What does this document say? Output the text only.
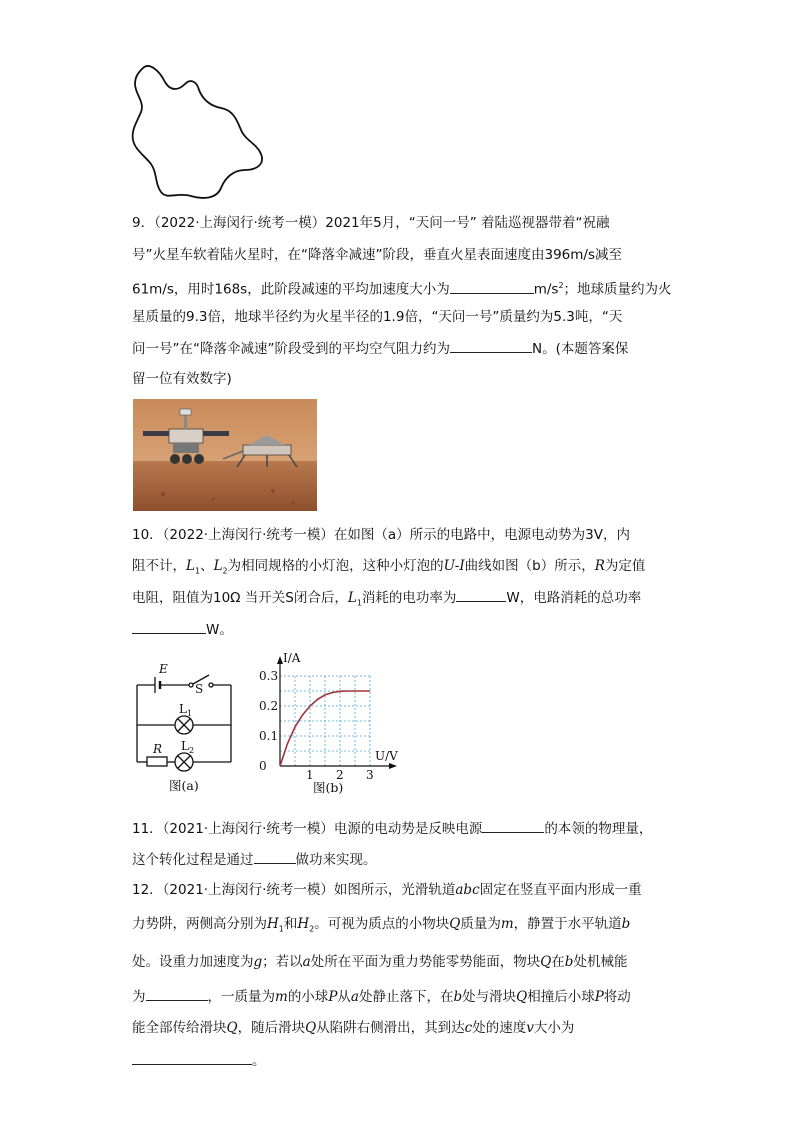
9．（2022·上海闵行·统考一模）2021年5月，“天问一号” 着陆巡视器带着“祝融
号”火星车软着陆火星时，在“降落伞减速”阶段，垂直火星表面速度由396m/s减至
61m/s，用时168s，此阶段减速的平均加速度大小为	$m/s^2$；地球质量约为火
星质量的9.3倍，地球半径约为火星半径的1.9倍，“天问一号”质量约为5.3吨，“天
问一号”在“降落伞减速”阶段受到的平均空气阻力约为	N。(本题答案保
留一位有效数字)
10．（2022·上海闵行·统考一模）在如图（a）所示的电路中，电源电动势为3V，内
阻不计，$L_1$、$L_2$为相同规格的小灯泡，这种小灯泡的U-I曲线如图（b）所示，R为定值
电阻，阻值为10Ω 当开关S闭合后，$L_1$消耗的电功率为	W，电路消耗的总功率
W。
E
S
$L_1$
R $L_2$
图(a)
I/A
U/V
0.3
0.2
0.1
0
1 2 3
图(b)
11．（2021·上海闵行·统考一模）电源的电动势是反映电源	的本领的物理量，
这个转化过程是通过	做功来实现。
12．（2021·上海闵行·统考一模）如图所示，光滑轨道abc固定在竖直平面内形成一重
力势阱，两侧高分别为$H_1$和$H_2$。可视为质点的小物块Q质量为m，静置于水平轨道b
处。设重力加速度为g；若以a处所在平面为重力势能零势能面，物块Q在b处机械能
为	，一质量为m的小球P从a处静止落下，在b处与滑块Q相撞后小球P将动
能全部传给滑块Q，随后滑块Q从陷阱右侧滑出，其到达c处的速度v大小为
。
